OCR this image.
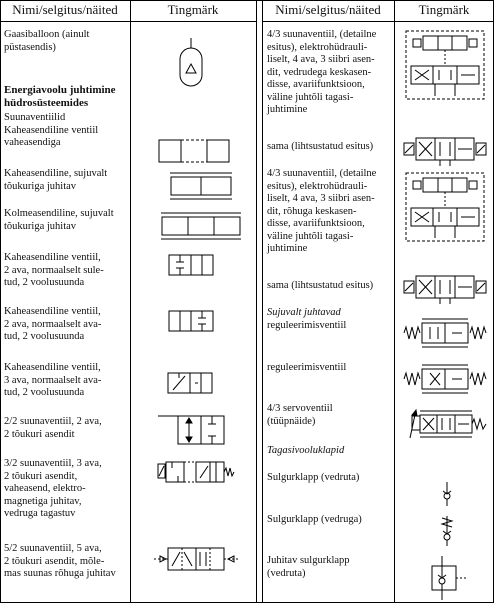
Nimi/selgitus/näited	Tingmärk	Nimi/selgitus/näited	Tingmärk
Gaasiballoon (ainult
püstasendis)
Energiavoolu juhtimine
hüdrosüsteemides
Suunaventiilid
Kaheasendiline ventiil
vaheasendiga
Kaheasendiline, sujuvalt
tõukuriga juhitav
Kolmeasendiline, sujuvalt
tõukuriga juhitav
Kaheasendiline ventiil,
2 ava, normaalselt sule-
tud, 2 voolusuunda
Kaheasendiline ventiil,
2 ava, normaalselt ava-
tud, 2 voolusuunda
Kaheasendiline ventiil,
3 ava, normaalselt ava-
tud, 2 voolusuunda
2/2 suunaventiil, 2 ava,
2 tõukuri asendit
3/2 suunaventiil, 3 ava,
2 tõukuri asendit,
vaheasend, elektro-
magnetiga juhitav,
vedruga tagastuv
5/2 suunaventiil, 5 ava,
2 tõukuri asendit, mõle-
mas suunas rõhuga juhitav
4/3 suunaventiil, (detailne
esitus), elektrohüdrauli-
liselt, 4 ava, 3 siibri asen-
dit, vedrudega keskasen-
disse, avariifunktsioon,
väline juhtõli tagasi-
juhtimine
sama (lihtsustatud esitus)
4/3 suunaventiil, (detailne
esitus), elektrohüdrauli-
liselt, 4 ava, 3 siibri asen-
dit, rõhuga keskasen-
disse, avariifunktsioon,
väline juhtõli tagasi-
juhtimine
sama (lihtsustatud esitus)
Sujuvalt juhtavad
reguleerimisventiil
reguleerimisventiil
4/3 servoventiil
(tüüpnäide)
Tagasivooluklapid
Sulgurklapp (vedruta)
Sulgurklapp (vedruga)
Juhitav sulgurklapp
(vedruta)
